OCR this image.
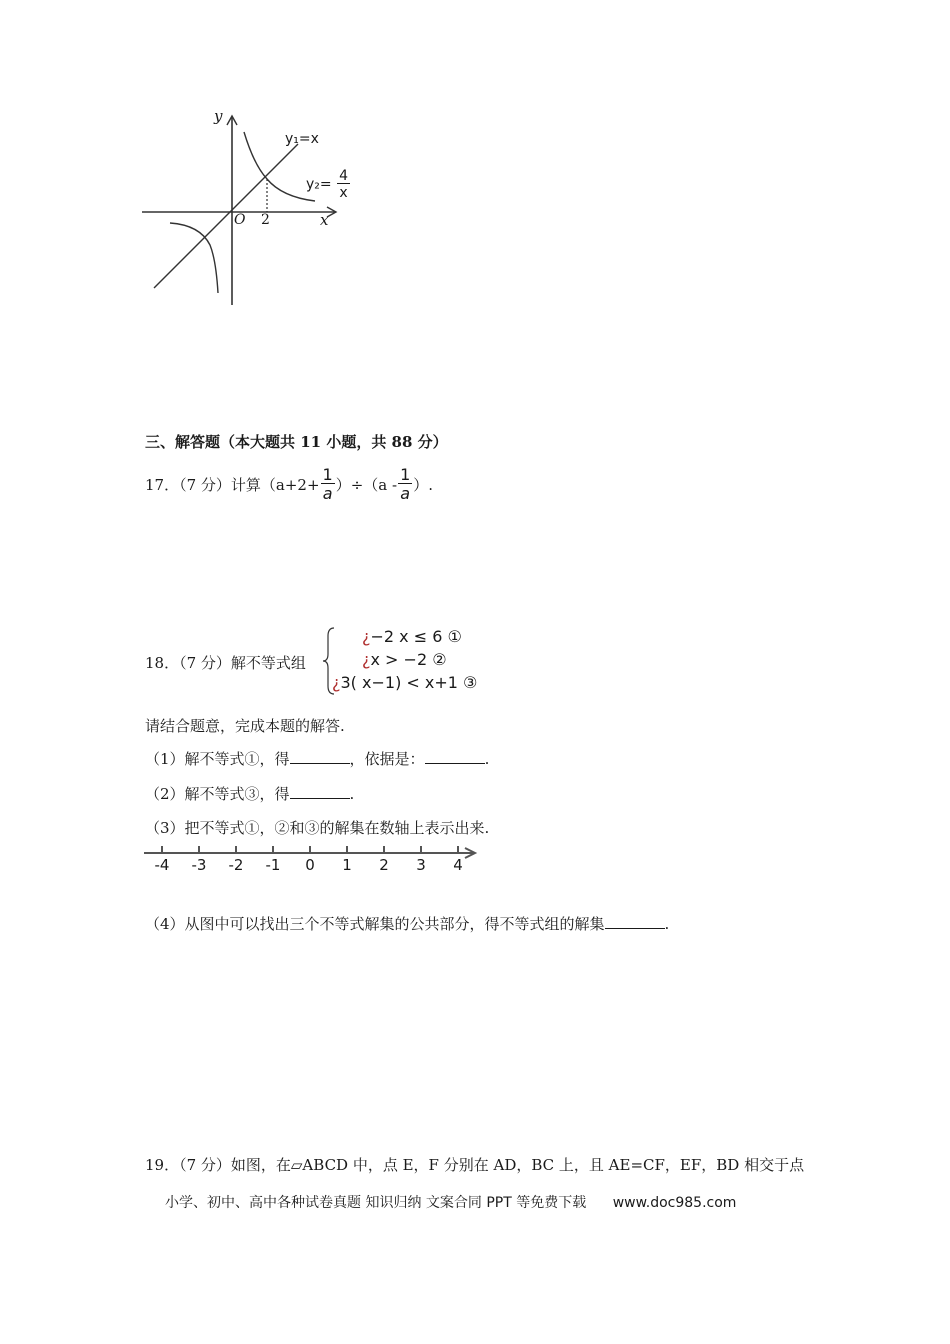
y
x
O 2
y₁=x
$y_2= \frac{4}{x}$
三、解答题（本大题共 11 小题，共 88 分）
17．（7 分）计算$(a+2+ \frac{1}{a} )\div(a - \frac{1}{a}$ ）.
18．（7 分）解不等式组
¿−2 x ≤ 6 ①
¿x > −2 ②
¿3( x−1) < x+1 ③
请结合题意，完成本题的解答.
（1）解不等式①，得	，依据是：	.
（2）解不等式③，得	.
（3）把不等式①，②和③的解集在数轴上表示出来.
-4	-3	-2	-1	0	1	2	3	4
（4）从图中可以找出三个不等式解集的公共部分，得不等式组的解集	.
19．（7 分）如图，在▱ABCD 中，点 E，F 分别在 AD，BC 上，且 AE=CF，EF，BD 相交于点
小学、初中、高中各种试卷真题 知识归纳 文案合同 PPT 等免费下载 www.doc985.com
